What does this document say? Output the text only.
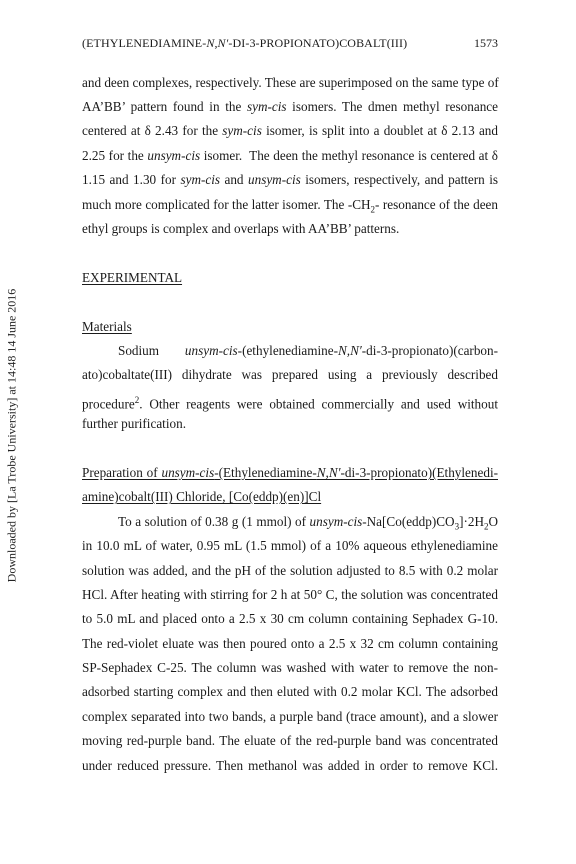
Downloaded by [La Trobe University] at 14:48 14 June 2016
(ETHYLENEDIAMINE-N,N′-DI-3-PROPIONATO)COBALT(III)	1573
and deen complexes, respectively. These are superimposed on the same type of
AA’BB’ pattern found in the sym-cis isomers. The dmen methyl resonance
centered at δ 2.43 for the sym-cis isomer, is split into a doublet at δ 2.13 and
2.25 for the unsym-cis isomer.  The deen the methyl resonance is centered at δ
1.15 and 1.30 for sym-cis and unsym-cis isomers, respectively, and pattern is
much more complicated for the latter isomer. The $-CH_2-$ resonance of the deen
ethyl groups is complex and overlaps with AA’BB’ patterns.
EXPERIMENTAL
Materials
Sodium unsym-cis-(ethylenediamine-N,N′-di-3-propionato)(carbon-
ato)cobaltate(III) dihydrate was prepared using a previously described
procedure$^2$. Other reagents were obtained commercially and used without
further purification.
Preparation of unsym-cis-(Ethylenediamine-N,N′-di-3-propionato)(Ethylenedi-
amine)cobalt(III) Chloride, [Co(eddp)(en)]Cl
To a solution of 0.38 g (1 mmol) of unsym-$cis-Na[Co(eddp)CO_3]\cdot 2H_2O$
in 10.0 mL of water, 0.95 mL (1.5 mmol) of a 10% aqueous ethylenediamine
solution was added, and the pH of the solution adjusted to 8.5 with 0.2 molar
HCl. After heating with stirring for 2 h at 50° C, the solution was concentrated
to 5.0 mL and placed onto a 2.5 x 30 cm column containing Sephadex G-10.
The red-violet eluate was then poured onto a 2.5 x 32 cm column containing
SP-Sephadex C-25. The column was washed with water to remove the non-
adsorbed starting complex and then eluted with 0.2 molar KCl. The adsorbed
complex separated into two bands, a purple band (trace amount), and a slower
moving red-purple band. The eluate of the red-purple band was concentrated
under reduced pressure. Then methanol was added in order to remove KCl.
